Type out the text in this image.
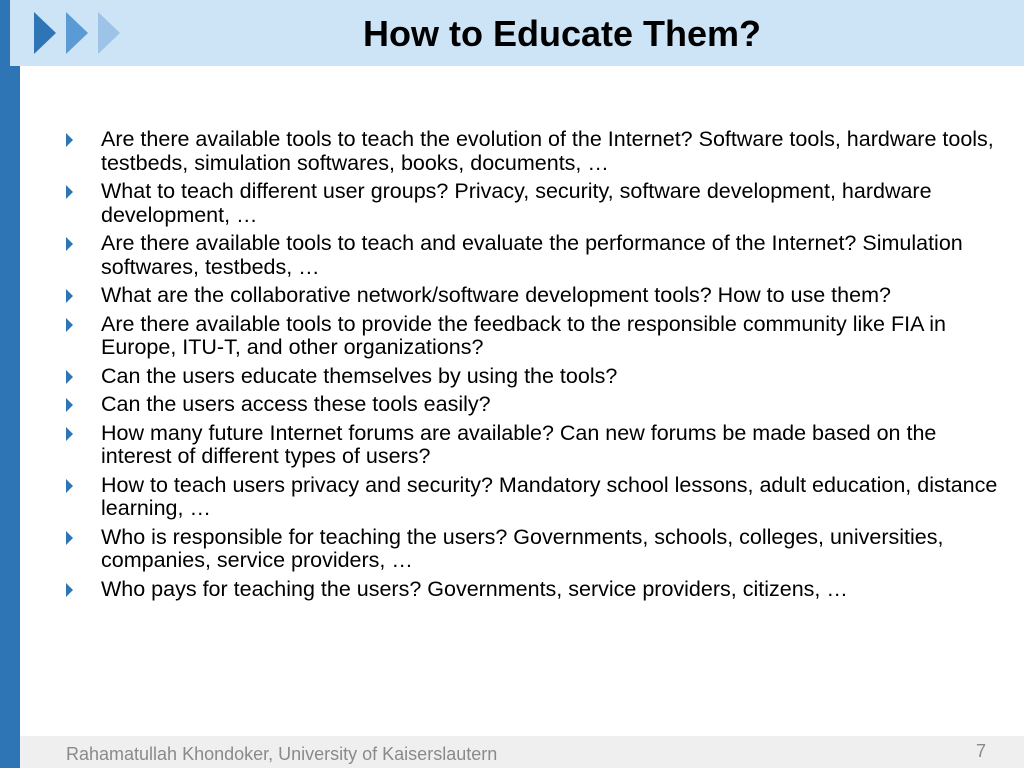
How to Educate Them?
Are there available tools to teach the evolution of the Internet? Software tools, hardware tools, testbeds, simulation softwares, books, documents, …
What to teach different user groups? Privacy, security, software development, hardware development, …
Are there available tools to teach and evaluate the performance of the Internet? Simulation softwares, testbeds, …
What are the collaborative network/software development tools? How to use them?
Are there available tools to provide the feedback to the responsible community like FIA in Europe, ITU-T, and other organizations?
Can the users educate themselves by using the tools?
Can the users access these tools easily?
How many future Internet forums are available? Can new forums be made based on the interest of different types of users?
How to teach users privacy and security? Mandatory school lessons, adult education, distance learning, …
Who is responsible for teaching the users? Governments, schools, colleges, universities, companies, service providers, …
Who pays for teaching the users? Governments, service providers, citizens, …
Rahamatullah Khondoker, University of Kaiserslautern	7
